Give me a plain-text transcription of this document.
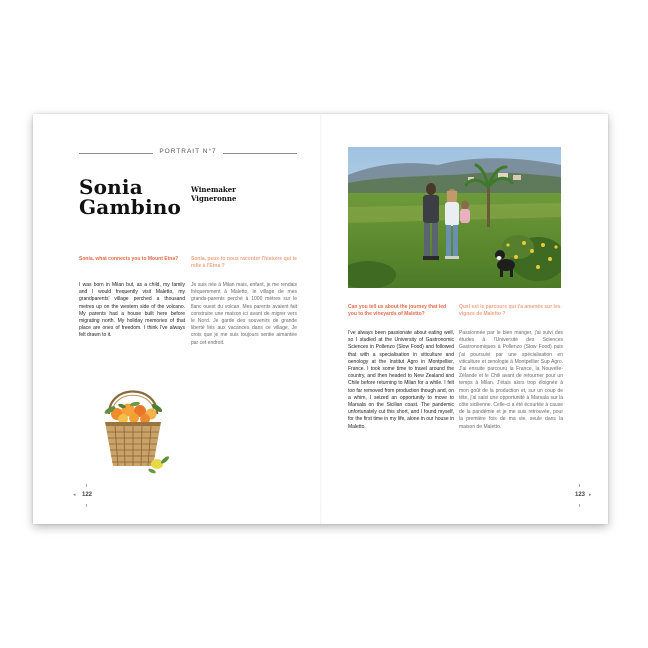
PORTRAIT N°7
Sonia
Gambino
Winemaker
Vigneronne
Sonia, what connects you to Mount Etna?	Sonia, peux-tu nous raconter l'histoire qui te relie à l'Etna ?
I was born in Milan but, as a child, my family and I would frequently visit Maletto, my grandparents' village perched a thousand metres up on the western side of the volcano. My parents had a house built here before migrating north. My holiday memories of that place are ones of freedom. I think I've always felt drawn to it.
Je suis née à Milan mais, enfant, je me rendais fréquemment à Maletto, le village de mes grands-parents perché à 1000 mètres sur le flanc ouest du volcan. Mes parents avaient fait construire une maison ici avant de migrer vers le Nord. Je garde des souvenirs de grande liberté liés aux vacances dans ce village. Je crois que je me suis toujours sentie aimantée par cet endroit.
◂	122
Can you tell us about the journey that led you to the vineyards of Maletto?
Quel est le parcours qui t'a amenée sur les vignes de Maletto ?
I've always been passionate about eating well, so I studied at the University of Gastronomic Sciences in Pollenzo (Slow Food) and followed that with a specialisation in viticulture and oenology at the Institut Agro in Montpellier, France. I took some time to travel around the country, and then headed to New Zealand and Chile before returning to Milan for a while. I felt too far removed from production though and, on a whim, I seized an opportunity to move to Marsala on the Sicilian coast. The pandemic unfortunately cut this short, and I found myself, for the first time in my life, alone in our house in Maletto.
Passionnée par le bien manger, j'ai suivi des études à l'Université des Sciences Gastronomiques à Pollenzo (Slow Food) puis j'ai poursuivi par une spécialisation en viticulture et œnologie à Montpellier Sup Agro. J'ai ensuite parcouru la France, la Nouvelle-Zélande et le Chili avant de retourner pour un temps à Milan. J'étais alors trop éloignée à mon goût de la production et, sur un coup de tête, j'ai saisi une opportunité à Marsala sur la côte sicilienne. Celle-ci a été écourtée à cause de la pandémie et je me suis retrouvée, pour la première fois de ma vie, seule dans la maison de Maletto.
123 ▸
